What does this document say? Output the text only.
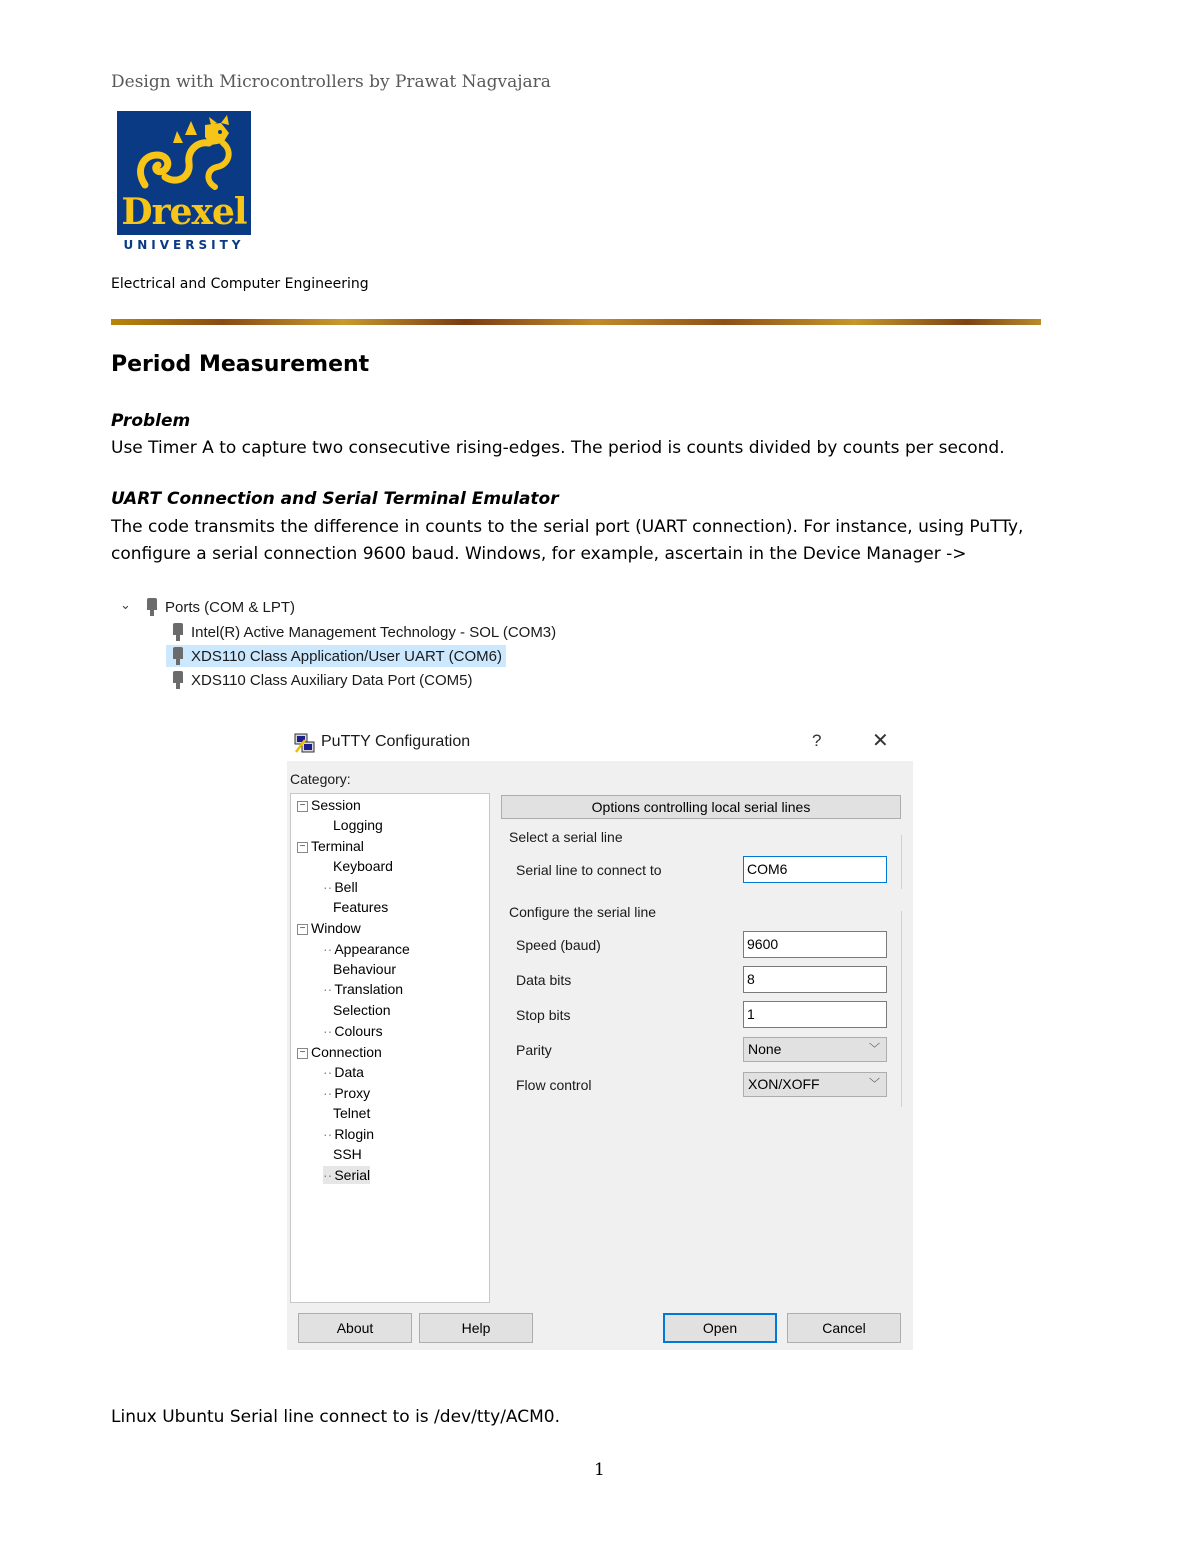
Design with Microcontrollers by Prawat Nagvajara
Drexel
UNIVERSITY
Electrical and Computer Engineering
Period Measurement
Problem
Use Timer A to capture two consecutive rising-edges. The period is counts divided by counts per second.
UART Connection and Serial Terminal Emulator
The code transmits the difference in counts to the serial port (UART connection). For instance, using PuTTy, configure a serial connection 9600 baud. Windows, for example, ascertain in the Device Manager ->
⌄ Ports (COM & LPT)
Intel(R) Active Management Technology - SOL (COM3)
XDS110 Class Application/User UART (COM6)
XDS110 Class Auxiliary Data Port (COM5)
PuTTY Configuration	?	✕
Category:
− Session
Logging
− Terminal
Keyboard
·· Bell
Features
− Window
·· Appearance
Behaviour
·· Translation
Selection
·· Colours
− Connection
·· Data
·· Proxy
Telnet
·· Rlogin
SSH
·· Serial
Options controlling local serial lines
Select a serial line
Serial line to connect to	COM6
Configure the serial line
Speed (baud)	9600
Data bits	8
Stop bits	1
Parity	None	﹀
Flow control	XON/XOFF	﹀
About	Help	Open	Cancel
Linux Ubuntu Serial line connect to is /dev/tty/ACM0.
1
